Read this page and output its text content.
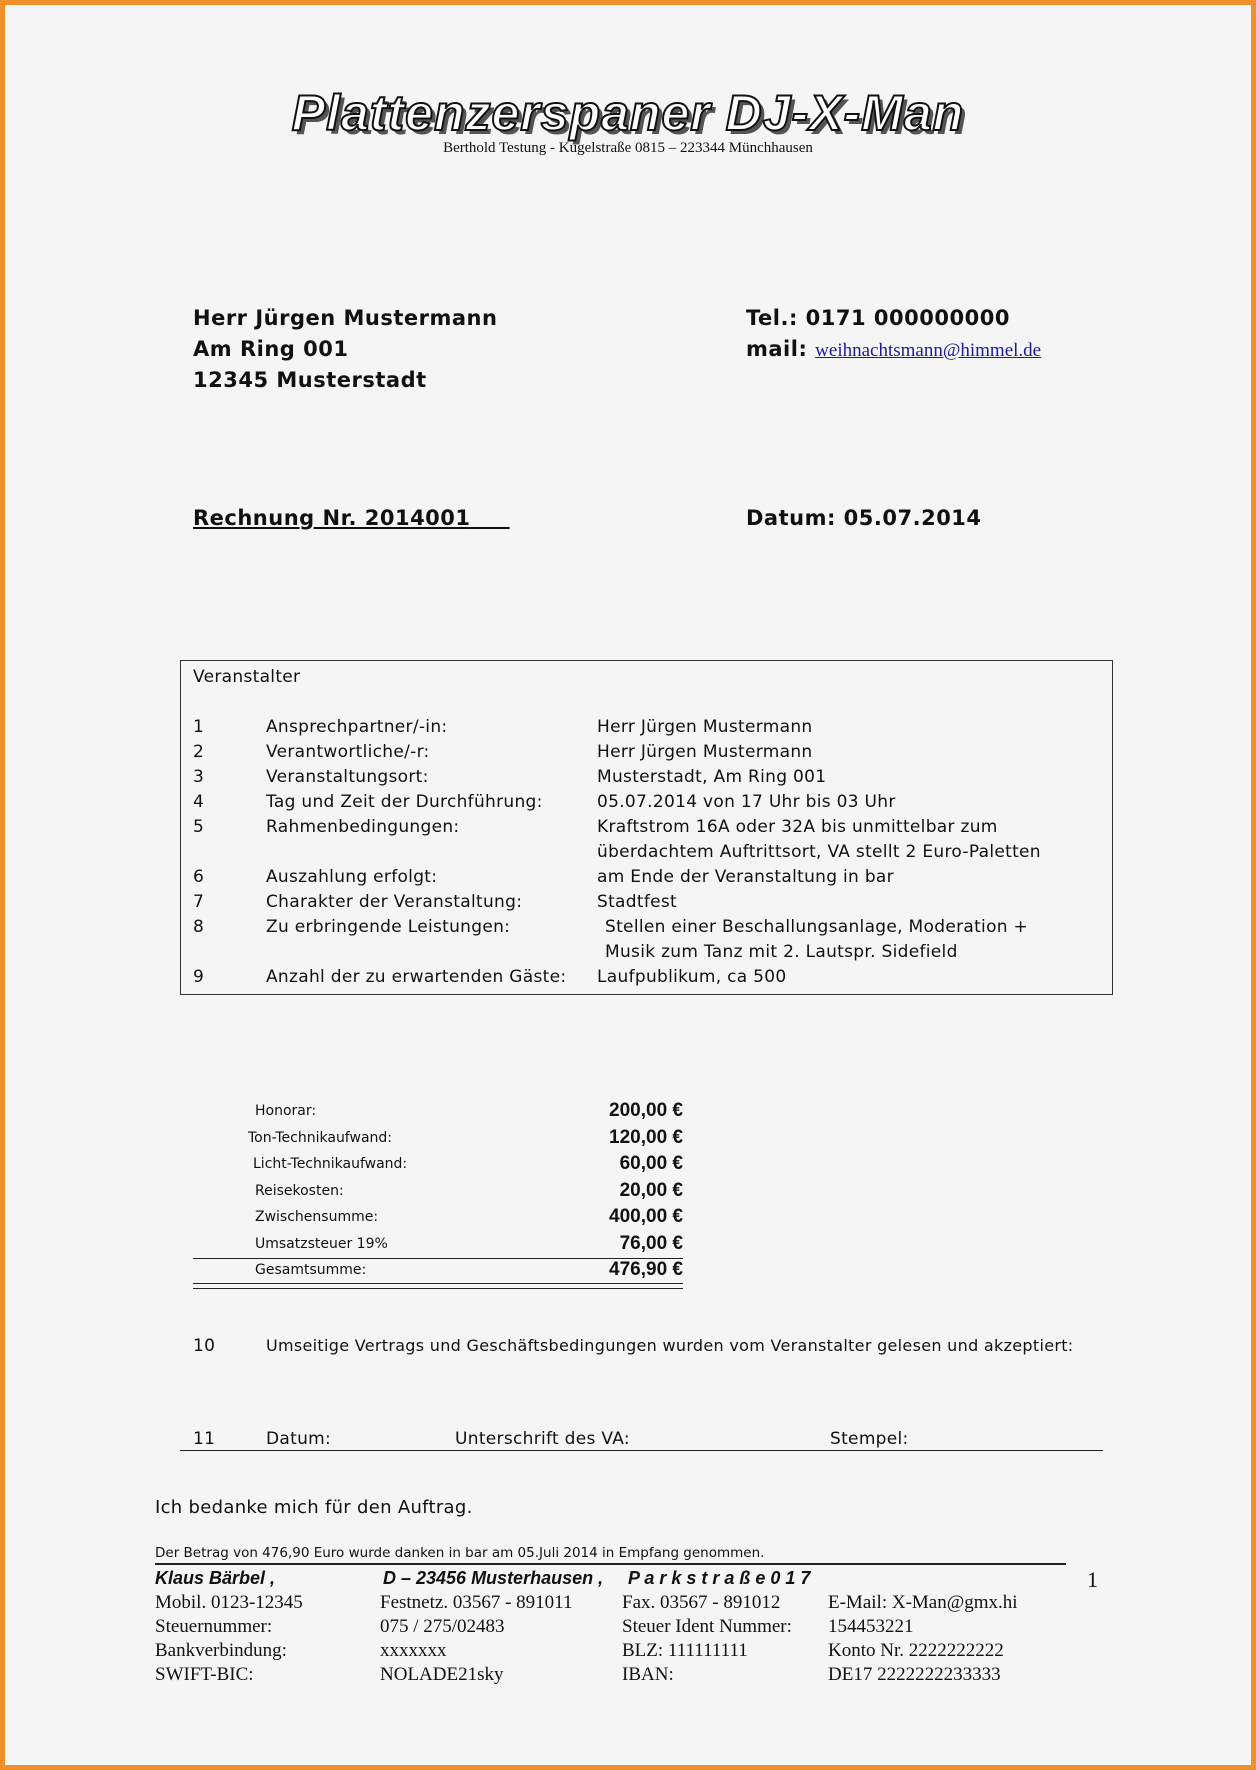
Plattenzerspaner DJ-X-Man
Berthold Testung - Kugelstraße 0815 – 223344 Münchhausen
Herr Jürgen Mustermann
Am Ring 001
12345 Musterstadt
Tel.: 0171 000000000
mail: weihnachtsmann@himmel.de
Rechnung Nr. 2014001	Datum: 05.07.2014
Veranstalter
1	Ansprechpartner/-in:	Herr Jürgen Mustermann
2	Verantwortliche/-r:	Herr Jürgen Mustermann
3	Veranstaltungsort:	Musterstadt, Am Ring 001
4	Tag und Zeit der Durchführung:	05.07.2014 von 17 Uhr bis 03 Uhr
5	Rahmenbedingungen:	Kraftstrom 16A oder 32A bis unmittelbar zum
überdachtem Auftrittsort, VA stellt 2 Euro-Paletten
6	Auszahlung erfolgt:	am Ende der Veranstaltung in bar
7	Charakter der Veranstaltung:	Stadtfest
8	Zu erbringende Leistungen:	Stellen einer Beschallungsanlage, Moderation +
Musik zum Tanz mit 2. Lautspr. Sidefield
9	Anzahl der zu erwartenden Gäste: Laufpublikum, ca 500
Honorar:	200,00 €
Ton-Technikaufwand:	120,00 €
Licht-Technikaufwand:	60,00 €
Reisekosten:	20,00 €
Zwischensumme:	400,00 €
Umsatzsteuer 19%	76,00 €
Gesamtsumme:	476,90 €
10	Umseitige Vertrags und Geschäftsbedingungen wurden vom Veranstalter gelesen und akzeptiert:
11	Datum:	Unterschrift des VA:	Stempel:
Ich bedanke mich für den Auftrag.
Der Betrag von 476,90 Euro wurde danken in bar am 05.Juli 2014 in Empfang genommen.
Klaus Bärbel ,	D – 23456 Musterhausen , P a r k s t r a ß e 0 1 7	1
Mobil. 0123-12345	Festnetz. 03567 - 891011	Fax. 03567 - 891012	E-Mail: X-Man@gmx.hi
Steuernummer:	075 / 275/02483	Steuer Ident Nummer: 154453221
Bankverbindung:	xxxxxxx	BLZ: 111111111	Konto Nr. 2222222222
SWIFT-BIC:	NOLADE21sky	IBAN:	DE17 2222222233333
